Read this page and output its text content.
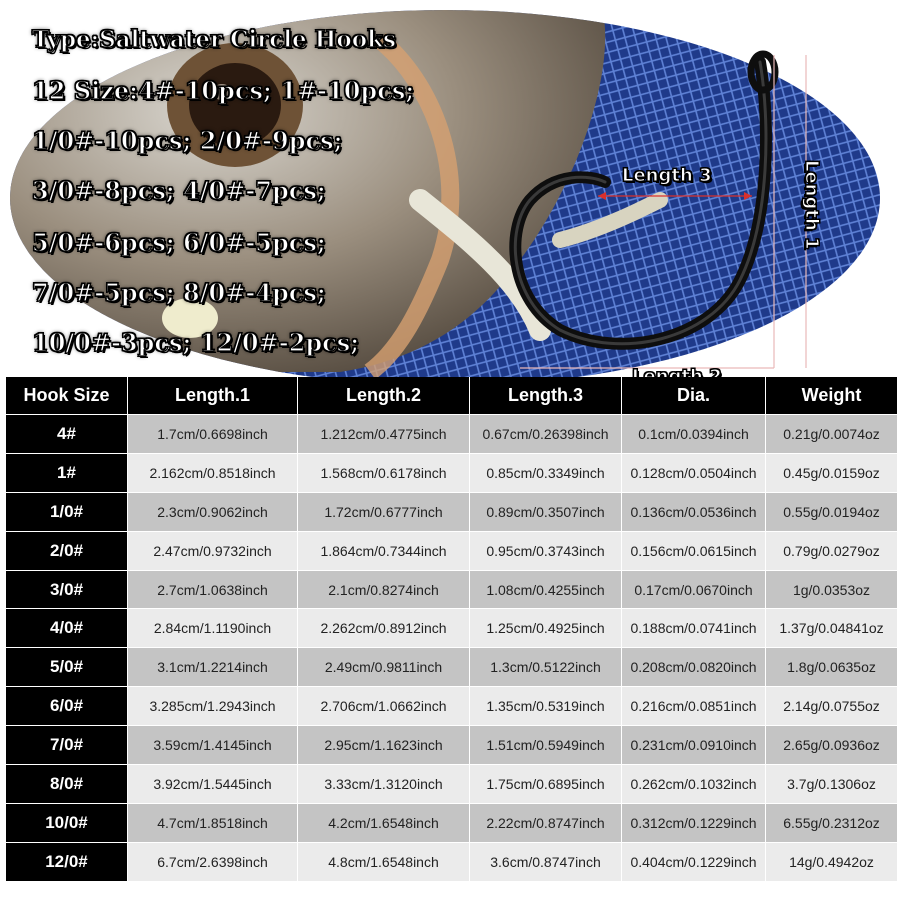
Type:Saltwater Circle Hooks
12 Size:4#-10pcs; 1#-10pcs;
1/0#-10pcs; 2/0#-9pcs;
3/0#-8pcs; 4/0#-7pcs;
5/0#-6pcs; 6/0#-5pcs;
7/0#-5pcs; 8/0#-4pcs;
10/0#-3pcs; 12/0#-2pcs;
Length 1
Length 3
Hook Size	Length.1	Length.2	Length.3	Dia.	Weight
4#	1.7cm/0.6698inch	1.212cm/0.4775inch	0.67cm/0.26398inch	0.1cm/0.0394inch	0.21g/0.0074oz
1#	2.162cm/0.8518inch	1.568cm/0.6178inch	0.85cm/0.3349inch	0.128cm/0.0504inch	0.45g/0.0159oz
1/0#	2.3cm/0.9062inch	1.72cm/0.6777inch	0.89cm/0.3507inch	0.136cm/0.0536inch	0.55g/0.0194oz
2/0#	2.47cm/0.9732inch	1.864cm/0.7344inch	0.95cm/0.3743inch	0.156cm/0.0615inch	0.79g/0.0279oz
3/0#	2.7cm/1.0638inch	2.1cm/0.8274inch	1.08cm/0.4255inch	0.17cm/0.0670inch	1g/0.0353oz
4/0#	2.84cm/1.1190inch	2.262cm/0.8912inch	1.25cm/0.4925inch	0.188cm/0.0741inch	1.37g/0.04841oz
5/0#	3.1cm/1.2214inch	2.49cm/0.9811inch	1.3cm/0.5122inch	0.208cm/0.0820inch	1.8g/0.0635oz
6/0#	3.285cm/1.2943inch	2.706cm/1.0662inch	1.35cm/0.5319inch	0.216cm/0.0851inch	2.14g/0.0755oz
7/0#	3.59cm/1.4145inch	2.95cm/1.1623inch	1.51cm/0.5949inch	0.231cm/0.0910inch	2.65g/0.0936oz
8/0#	3.92cm/1.5445inch	3.33cm/1.3120inch	1.75cm/0.6895inch	0.262cm/0.1032inch	3.7g/0.1306oz
10/0#	4.7cm/1.8518inch	4.2cm/1.6548inch	2.22cm/0.8747inch	0.312cm/0.1229inch	6.55g/0.2312oz
12/0#	6.7cm/2.6398inch	4.8cm/1.6548inch	3.6cm/0.8747inch	0.404cm/0.1229inch	14g/0.4942oz
